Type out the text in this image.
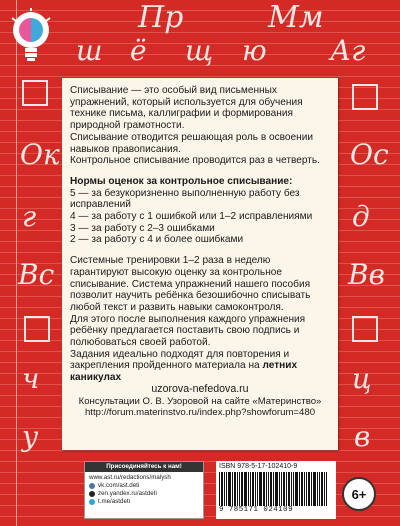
Пр	Мм
ш ё щ ю Аг
Ок	Ос
г	д
Вс	Вв
ч	ц
у	в

Списывание — это особый вид письменных упражнений, который используется для обучения технике письма, каллиграфии и формирования природной грамотности.

Списывание отводится решающая роль в освоении навыков правописания.

Контрольное списывание проводится раз в четверть.

Нормы оценок за контрольное списывание:

5 — за безукоризненно выполненную работу без исправлений

4 — за работу с 1 ошибкой или 1–2 исправлениями

3 — за работу с 2–3 ошибками

2 — за работу с 4 и более ошибками

Системные тренировки 1–2 раза в неделю гарантируют высокую оценку за контрольное списывание. Система упражнений нашего пособия позволит научить ребёнка безошибочно списывать любой текст и развить навыки самоконтроля.

Для этого после выполнения каждого упражнения ребёнку предлагается поставить свою подпись и полюбоваться своей работой.

Задания идеально подходят для повторения и закрепления пройденного материала на летних каникулах

uzorova-nefedova.ru

Консультации О. В. Узоровой на сайте «Материнство»

http://forum.materinstvo.ru/index.php?showforum=480

Присоединяйтесь к нам!
www.ast.ru/redactions/malysh
vk.com/ast.deti
zen.yandex.ru/astdeti
t.me/astdeti
ISBN 978-5-17-102410-9
9 785171 024109
6+
